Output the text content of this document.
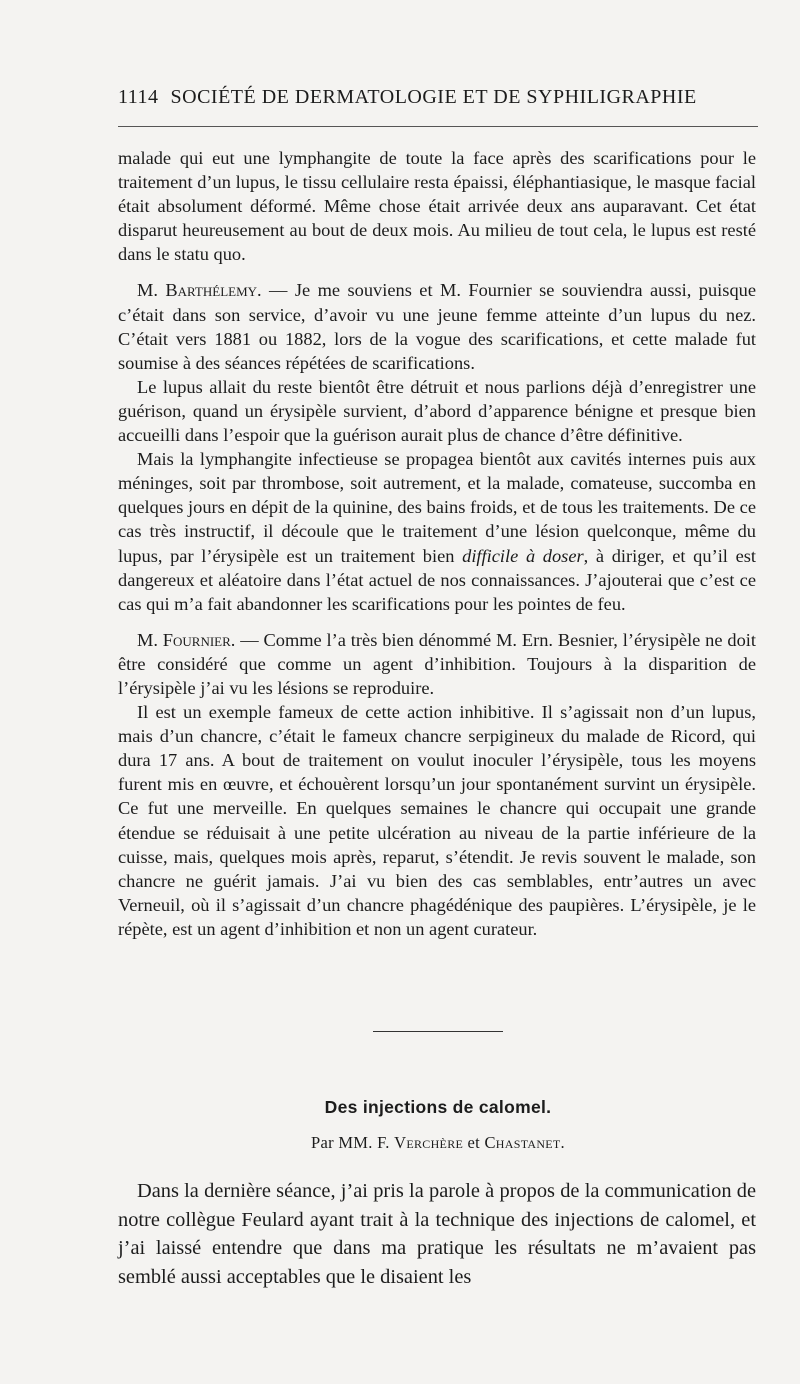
1114 SOCIÉTÉ DE DERMATOLOGIE ET DE SYPHILIGRAPHIE

malade qui eut une lymphangite de toute la face après des scarifications pour le traitement d’un lupus, le tissu cellulaire resta épaissi, éléphantiasique, le masque facial était absolument déformé. Même chose était arrivée deux ans auparavant. Cet état disparut heureusement au bout de deux mois. Au milieu de tout cela, le lupus est resté dans le statu quo.

M. Barthélemy. — Je me souviens et M. Fournier se souviendra aussi, puisque c’était dans son service, d’avoir vu une jeune femme atteinte d’un lupus du nez. C’était vers 1881 ou 1882, lors de la vogue des scarifications, et cette malade fut soumise à des séances répétées de scarifications.

Le lupus allait du reste bientôt être détruit et nous parlions déjà d’enregistrer une guérison, quand un érysipèle survient, d’abord d’apparence bénigne et presque bien accueilli dans l’espoir que la guérison aurait plus de chance d’être définitive.

Mais la lymphangite infectieuse se propagea bientôt aux cavités internes puis aux méninges, soit par thrombose, soit autrement, et la malade, comateuse, succomba en quelques jours en dépit de la quinine, des bains froids, et de tous les traitements. De ce cas très instructif, il découle que le traitement d’une lésion quelconque, même du lupus, par l’érysipèle est un traitement bien difficile à doser, à diriger, et qu’il est dangereux et aléatoire dans l’état actuel de nos connaissances. J’ajouterai que c’est ce cas qui m’a fait abandonner les scarifications pour les pointes de feu.

M. Fournier. — Comme l’a très bien dénommé M. Ern. Besnier, l’érysipèle ne doit être considéré que comme un agent d’inhibition. Toujours à la disparition de l’érysipèle j’ai vu les lésions se reproduire.

Il est un exemple fameux de cette action inhibitive. Il s’agissait non d’un lupus, mais d’un chancre, c’était le fameux chancre serpigineux du malade de Ricord, qui dura 17 ans. A bout de traitement on voulut inoculer l’érysipèle, tous les moyens furent mis en œuvre, et échouèrent lorsqu’un jour spontanément survint un érysipèle. Ce fut une merveille. En quelques semaines le chancre qui occupait une grande étendue se réduisait à une petite ulcération au niveau de la partie inférieure de la cuisse, mais, quelques mois après, reparut, s’étendit. Je revis souvent le malade, son chancre ne guérit jamais. J’ai vu bien des cas semblables, entr’autres un avec Verneuil, où il s’agissait d’un chancre phagédénique des paupières. L’érysipèle, je le répète, est un agent d’inhibition et non un agent curateur.

Des injections de calomel.
Par MM. F. Verchère et Chastanet.

Dans la dernière séance, j’ai pris la parole à propos de la communication de notre collègue Feulard ayant trait à la technique des injections de calomel, et j’ai laissé entendre que dans ma pratique les résultats ne m’avaient pas semblé aussi acceptables que le disaient les
